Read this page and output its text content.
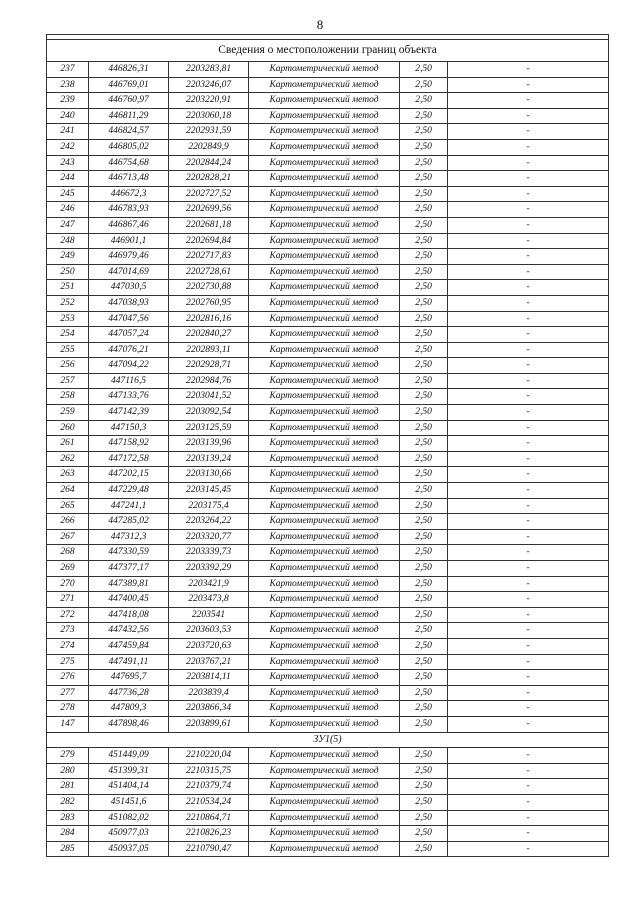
8

Сведения о местоположении границ объекта					
237	446826,31	2203283,81	Картометрический метод	2,50	-
238	446769,01	2203246,07	Картометрический метод	2,50	-
239	446760,97	2203220,91	Картометрический метод	2,50	-
240	446811,29	2203060,18	Картометрический метод	2,50	-
241	446824,57	2202931,59	Картометрический метод	2,50	-
242	446805,02	2202849,9	Картометрический метод	2,50	-
243	446754,68	2202844,24	Картометрический метод	2,50	-
244	446713,48	2202828,21	Картометрический метод	2,50	-
245	446672,3	2202727,52	Картометрический метод	2,50	-
246	446783,93	2202699,56	Картометрический метод	2,50	-
247	446867,46	2202681,18	Картометрический метод	2,50	-
248	446901,1	2202694,84	Картометрический метод	2,50	-
249	446979,46	2202717,83	Картометрический метод	2,50	-
250	447014,69	2202728,61	Картометрический метод	2,50	-
251	447030,5	2202730,88	Картометрический метод	2,50	-
252	447038,93	2202760,95	Картометрический метод	2,50	-
253	447047,56	2202816,16	Картометрический метод	2,50	-
254	447057,24	2202840,27	Картометрический метод	2,50	-
255	447076,21	2202893,11	Картометрический метод	2,50	-
256	447094,22	2202928,71	Картометрический метод	2,50	-
257	447116,5	2202984,76	Картометрический метод	2,50	-
258	447133,76	2203041,52	Картометрический метод	2,50	-
259	447142,39	2203092,54	Картометрический метод	2,50	-
260	447150,3	2203125,59	Картометрический метод	2,50	-
261	447158,92	2203139,96	Картометрический метод	2,50	-
262	447172,58	2203139,24	Картометрический метод	2,50	-
263	447202,15	2203130,66	Картометрический метод	2,50	-
264	447229,48	2203145,45	Картометрический метод	2,50	-
265	447241,1	2203175,4	Картометрический метод	2,50	-
266	447285,02	2203264,22	Картометрический метод	2,50	-
267	447312,3	2203320,77	Картометрический метод	2,50	-
268	447330,59	2203339,73	Картометрический метод	2,50	-
269	447377,17	2203392,29	Картометрический метод	2,50	-
270	447389,81	2203421,9	Картометрический метод	2,50	-
271	447400,45	2203473,8	Картометрический метод	2,50	-
272	447418,08	2203541	Картометрический метод	2,50	-
273	447432,56	2203603,53	Картометрический метод	2,50	-
274	447459,84	2203720,63	Картометрический метод	2,50	-
275	447491,11	2203767,21	Картометрический метод	2,50	-
276	447695,7	2203814,11	Картометрический метод	2,50	-
277	447736,28	2203839,4	Картометрический метод	2,50	-
278	447809,3	2203866,34	Картометрический метод	2,50	-
147	447898,46	2203899,61	Картометрический метод	2,50	-
ЗУ1(5)					
279	451449,09	2210220,04	Картометрический метод	2,50	-
280	451399,31	2210315,75	Картометрический метод	2,50	-
281	451404,14	2210379,74	Картометрический метод	2,50	-
282	451451,6	2210534,24	Картометрический метод	2,50	-
283	451082,02	2210864,71	Картометрический метод	2,50	-
284	450977,03	2210826,23	Картометрический метод	2,50	-
285	450937,05	2210790,47	Картометрический метод	2,50	-
